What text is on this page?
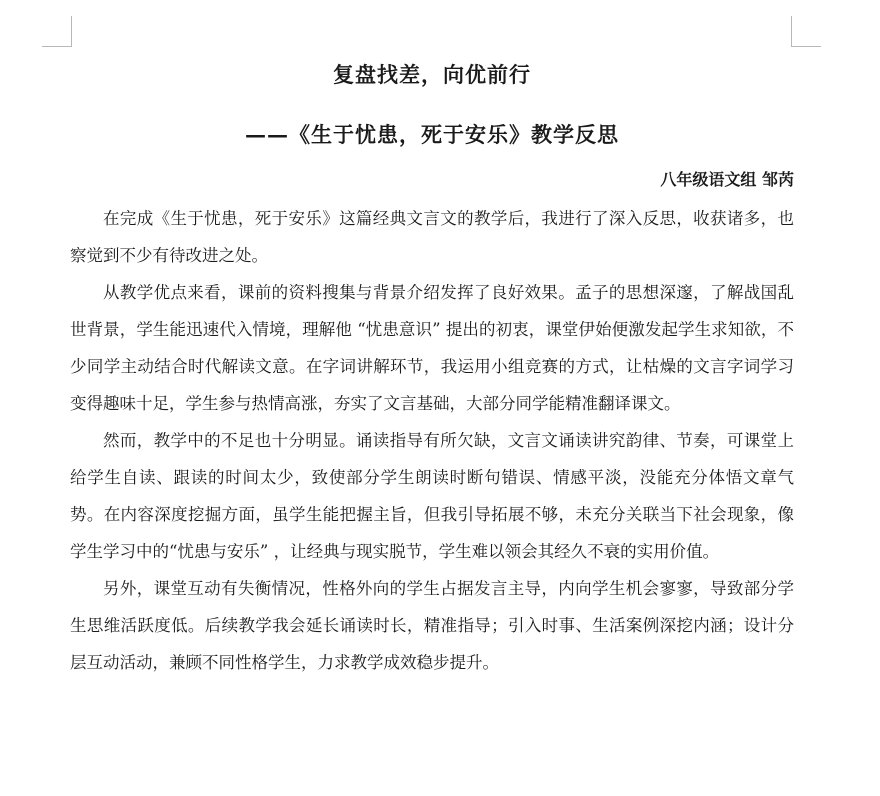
复盘找差，向优前行
——《生于忧患，死于安乐》教学反思
八年级语文组 邹芮

在完成《生于忧患，死于安乐》这篇经典文言文的教学后，我进行了深入反思，收获诸多，也察觉到不少有待改进之处。

从教学优点来看，课前的资料搜集与背景介绍发挥了良好效果。孟子的思想深邃，了解战国乱世背景，学生能迅速代入情境，理解他 “忧患意识” 提出的初衷，课堂伊始便激发起学生求知欲，不少同学主动结合时代解读文意。在字词讲解环节，我运用小组竞赛的方式，让枯燥的文言字词学习变得趣味十足，学生参与热情高涨，夯实了文言基础，大部分同学能精准翻译课文。

然而，教学中的不足也十分明显。诵读指导有所欠缺，文言文诵读讲究韵律、节奏，可课堂上给学生自读、跟读的时间太少，致使部分学生朗读时断句错误、情感平淡，没能充分体悟文章气势。在内容深度挖掘方面，虽学生能把握主旨，但我引导拓展不够，未充分关联当下社会现象，像学生学习中的“忧患与安乐” ，让经典与现实脱节，学生难以领会其经久不衰的实用价值。

另外，课堂互动有失衡情况，性格外向的学生占据发言主导，内向学生机会寥寥，导致部分学生思维活跃度低。后续教学我会延长诵读时长，精准指导；引入时事、生活案例深挖内涵；设计分层互动活动，兼顾不同性格学生，力求教学成效稳步提升。
